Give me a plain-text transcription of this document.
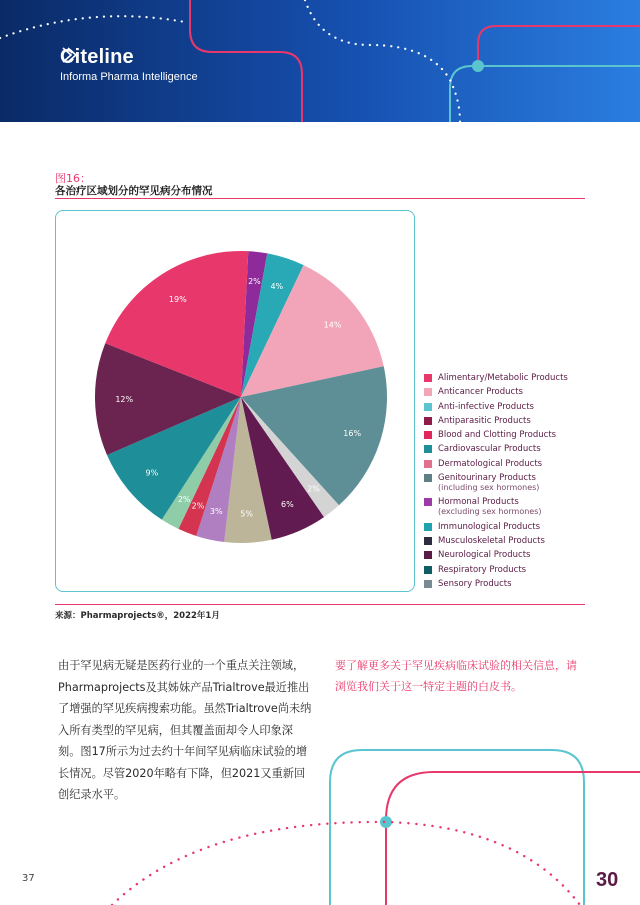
Citeline
Informa Pharma Intelligence
图16：
各治疗区域划分的罕见病分布情况
2%
4%
14%
16%
2%
6%
5%
3%
2%
2%
9%
12%
19%
Alimentary/Metabolic Products
Anticancer Products
Anti-infective Products
Antiparasitic Products
Blood and Clotting Products
Cardiovascular Products
Dermatological Products
Genitourinary Products
(including sex hormones)
Hormonal Products
(excluding sex hormones)
Immunological Products
Musculoskeletal Products
Neurological Products
Respiratory Products
Sensory Products
来源：Pharmaprojects®，2022年1月
由于罕见病无疑是医药行业的一个重点关注领域，Pharmaprojects及其姊妹产品Trialtrove最近推出了增强的罕见疾病搜索功能。虽然Trialtrove尚未纳入所有类型的罕见病，但其覆盖面却令人印象深刻。图17所示为过去约十年间罕见病临床试验的增长情况。尽管2020年略有下降，但2021又重新回创纪录水平。
要了解更多关于罕见疾病临床试验的相关信息，请浏览我们关于这一特定主题的白皮书。
37	30
